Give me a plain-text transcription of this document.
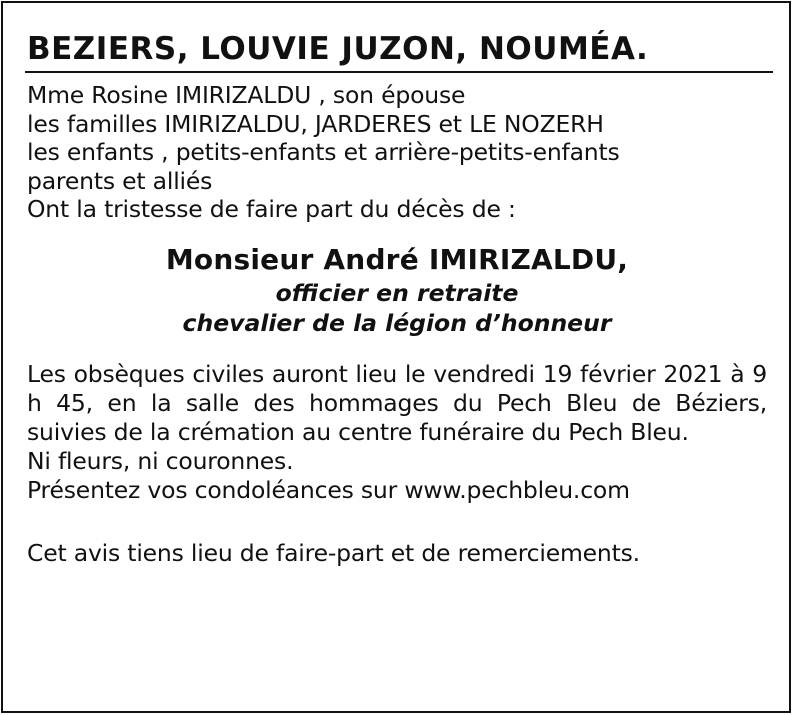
BEZIERS, LOUVIE JUZON, NOUMÉA.
Mme Rosine IMIRIZALDU , son épouse
les familles IMIRIZALDU, JARDERES et LE NOZERH
les enfants , petits-enfants et arrière-petits-enfants
parents et alliés
Ont la tristesse de faire part du décès de :
Monsieur André IMIRIZALDU,
officier en retraite
chevalier de la légion d’honneur
Les obsèques civiles auront lieu le vendredi 19 février 2021 à 9 h 45, en la salle des hommages du Pech Bleu de Béziers, suivies de la crémation au centre funéraire du Pech Bleu.
Ni fleurs, ni couronnes.
Présentez vos condoléances sur www.pechbleu.com
Cet avis tiens lieu de faire-part et de remerciements.
